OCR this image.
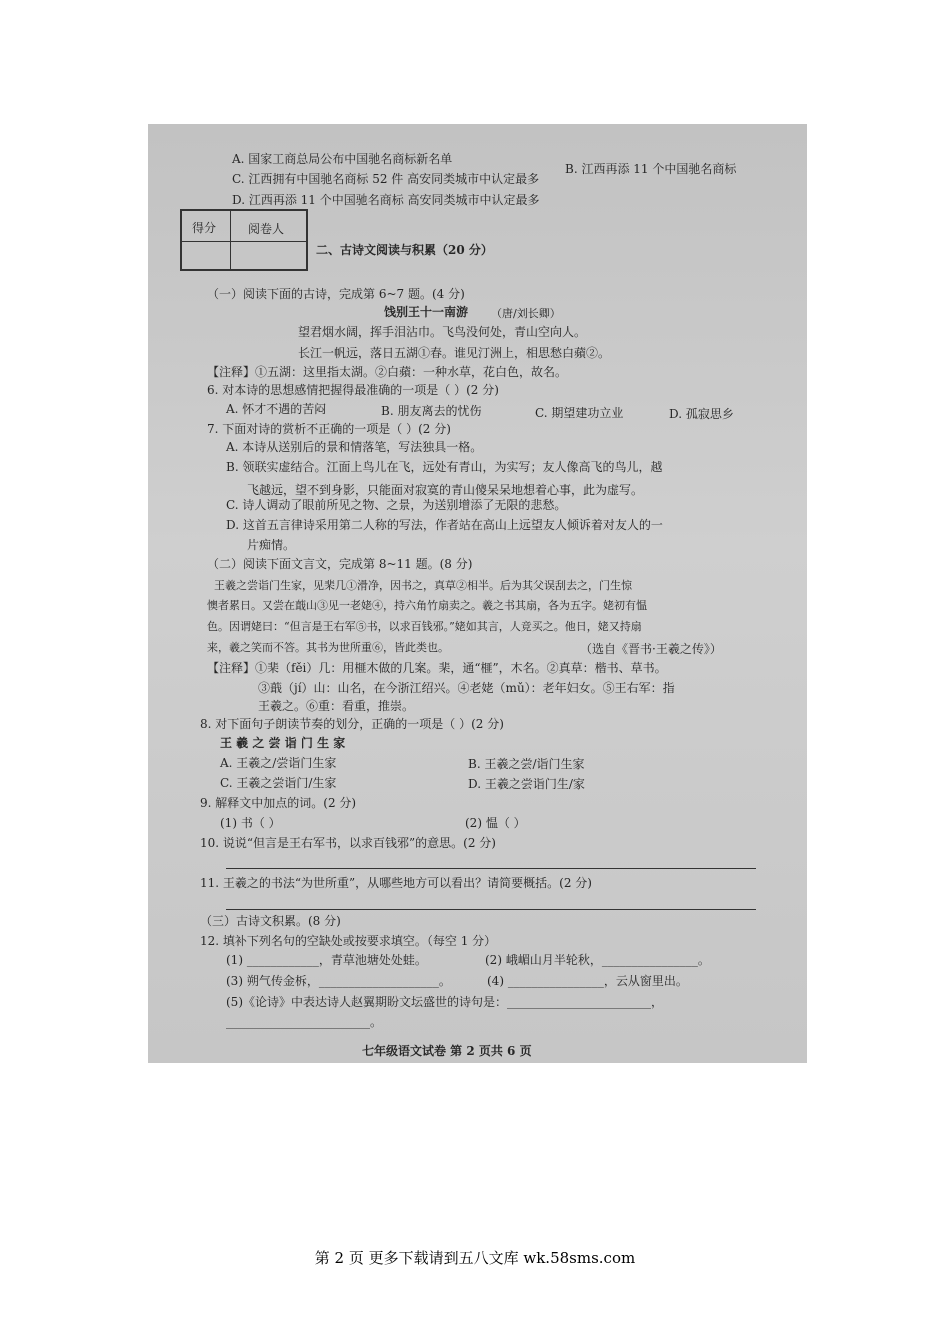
A. 国家工商总局公布中国驰名商标新名单
B. 江西再添 11 个中国驰名商标
C. 江西拥有中国驰名商标 52 件 高安同类城市中认定最多
D. 江西再添 11 个中国驰名商标 高安同类城市中认定最多
得分	阅卷人
二、古诗文阅读与积累（20 分）
（一）阅读下面的古诗，完成第 6~7 题。(4 分)
饯别王十一南游 （唐/刘长卿）
望君烟水阔，挥手泪沾巾。飞鸟没何处，青山空向人。
长江一帆远，落日五湖①春。谁见汀洲上，相思愁白蘋②。
【注释】①五湖：这里指太湖。②白蘋：一种水草，花白色，故名。
6. 对本诗的思想感情把握得最准确的一项是（ ）(2 分)
A. 怀才不遇的苦闷	B. 朋友离去的忧伤	C. 期望建功立业	D. 孤寂思乡
7. 下面对诗的赏析不正确的一项是（ ）(2 分)
A. 本诗从送别后的景和情落笔，写法独具一格。
B. 领联实虚结合。江面上鸟儿在飞，远处有青山，为实写；友人像高飞的鸟儿，越
飞越远，望不到身影，只能面对寂寞的青山傻呆呆地想着心事，此为虚写。
C. 诗人调动了眼前所见之物、之景，为送别增添了无限的悲愁。
D. 这首五言律诗采用第二人称的写法，作者站在高山上远望友人倾诉着对友人的一
片痴情。
（二）阅读下面文言文，完成第 8~11 题。(8 分)
王羲之尝诣门生家，见棐几①滑净，因书之，真草②相半。后为其父误刮去之，门生惊
懊者累日。又尝在蕺山③见一老姥④，持六角竹扇卖之。羲之书其扇，各为五字。姥初有愠
色。因谓姥曰：“但言是王右军⑤书，以求百钱邪。”姥如其言，人竞买之。他日，姥又持扇
来，羲之笑而不答。其书为世所重⑥，皆此类也。	（选自《晋书·王羲之传》）
【注释】①棐（fěi）几：用榧木做的几案。棐，通“榧”，木名。②真草：楷书、草书。
③蕺（jí）山：山名，在今浙江绍兴。④老姥（mǔ）：老年妇女。⑤王右军：指
王羲之。⑥重：看重，推崇。
8. 对下面句子朗读节奏的划分，正确的一项是（ ）(2 分)
王 羲 之 尝 诣 门 生 家
A. 王羲之/尝诣门生家	B. 王羲之尝/诣门生家
C. 王羲之尝诣门/生家	D. 王羲之尝诣门生/家
9. 解释文中加点的词。(2 分)
(1) 书（ ）	(2) 愠（ ）
10. 说说“但言是王右军书，以求百钱邪”的意思。(2 分)
11. 王羲之的书法“为世所重”，从哪些地方可以看出？请简要概括。(2 分)
（三）古诗文积累。(8 分)
12. 填补下列名句的空缺处或按要求填空。（每空 1 分）
(1) ____________，青草池塘处处蛙。	(2) 峨嵋山月半轮秋，________________。
(3) 朔气传金柝，____________________。	(4) ________________，云从窗里出。
(5)《论诗》中表达诗人赵翼期盼文坛盛世的诗句是：________________________，
________________________。
七年级语文试卷 第 2 页共 6 页
第 2 页 更多下载请到五八文库 wk.58sms.com
